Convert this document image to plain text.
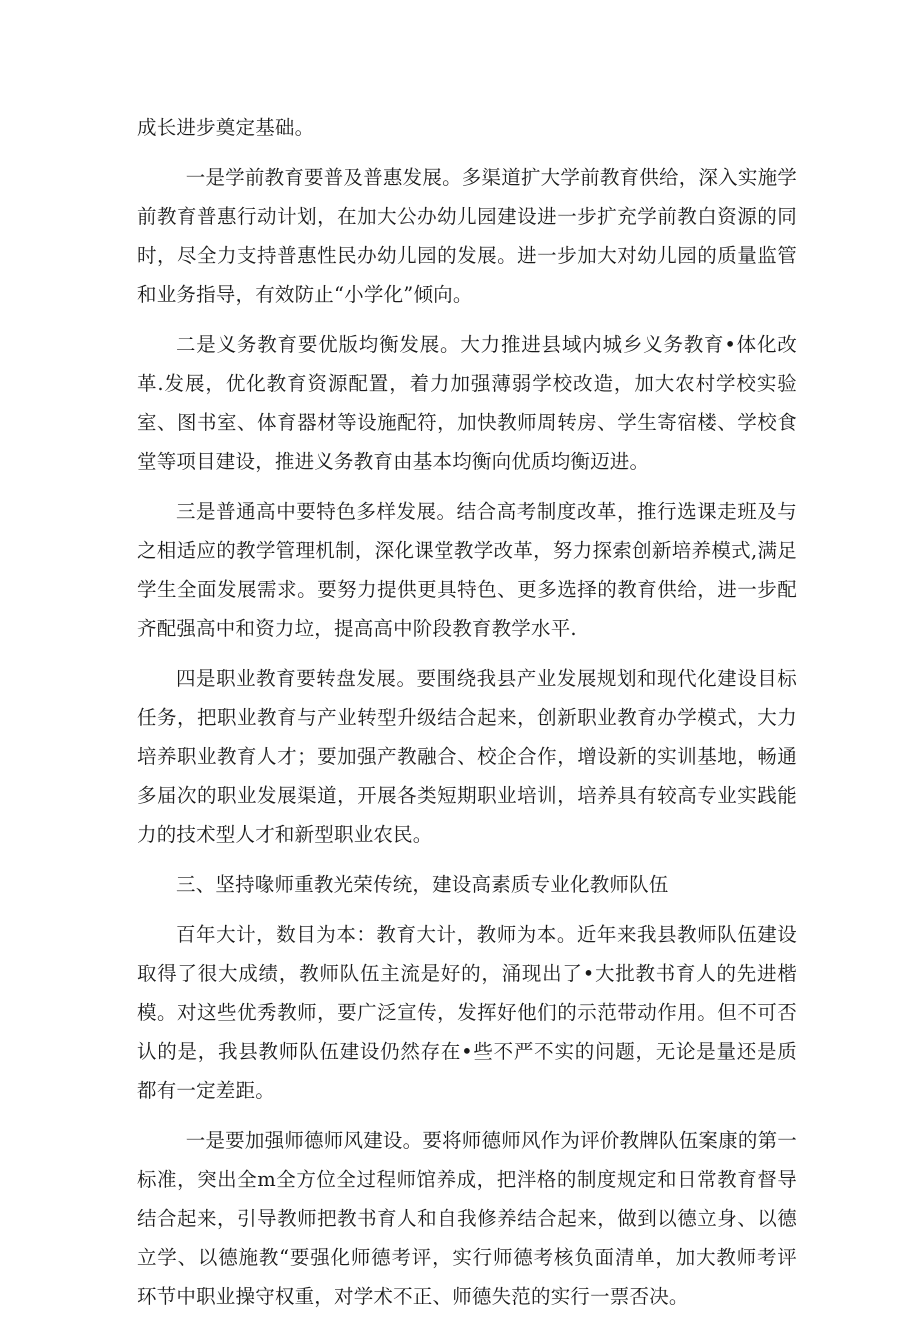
成长进步奠定基础。

一是学前教育要普及普惠发展。多渠道扩大学前教育供给，深入实施学前教育普惠行动计划，在加大公办幼儿园建设进一步扩充学前教白资源的同时，尽全力支持普惠性民办幼儿园的发展。进一步加大对幼儿园的质量监管和业务指导，有效防止“小学化”倾向。

二是义务教育要优版均衡发展。大力推进县域内城乡义务教育•体化改革.发展，优化教育资源配置，着力加强薄弱学校改造，加大农村学校实验室、图书室、体育器材等设施配符，加快教师周转房、学生寄宿楼、学校食堂等项目建设，推进义务教育由基本均衡向优质均衡迈进。

三是普通高中要特色多样发展。结合高考制度改革，推行选课走班及与之相适应的教学管理机制，深化课堂教学改革，努力探索创新培养模式,满足学生全面发展需求。要努力提供更具特色、更多选择的教育供给，进一步配齐配强高中和资力垃，提高高中阶段教育教学水平.

四是职业教育要转盘发展。要围绕我县产业发展规划和现代化建设目标任务，把职业教育与产业转型升级结合起来，创新职业教育办学模式，大力培养职业教育人才；要加强产教融合、校企合作，增设新的实训基地，畅通多届次的职业发展渠道，开展各类短期职业培训，培养具有较高专业实践能力的技术型人才和新型职业农民。

三、坚持喙师重教光荣传统，建设高素质专业化教师队伍

百年大计，数目为本：教育大计，教师为本。近年来我县教师队伍建设取得了很大成绩，教师队伍主流是好的，涌现出了•大批教书育人的先进楷模。对这些优秀教师，要广泛宣传，发挥好他们的示范带动作用。但不可否认的是，我县教师队伍建设仍然存在•些不严不实的问题，无论是量还是质都有一定差距。

一是要加强师德师风建设。要将师德师风作为评价教牌队伍案康的第一标准，突出全m全方位全过程师馆养成，把泮格的制度规定和日常教育督导结合起来，引导教师把教书育人和自我修养结合起来，做到以德立身、以德立学、以德施教“要强化师德考评，实行师德考核负面清单，加大教师考评环节中职业操守权重，对学术不正、师德失范的实行一票否决。
